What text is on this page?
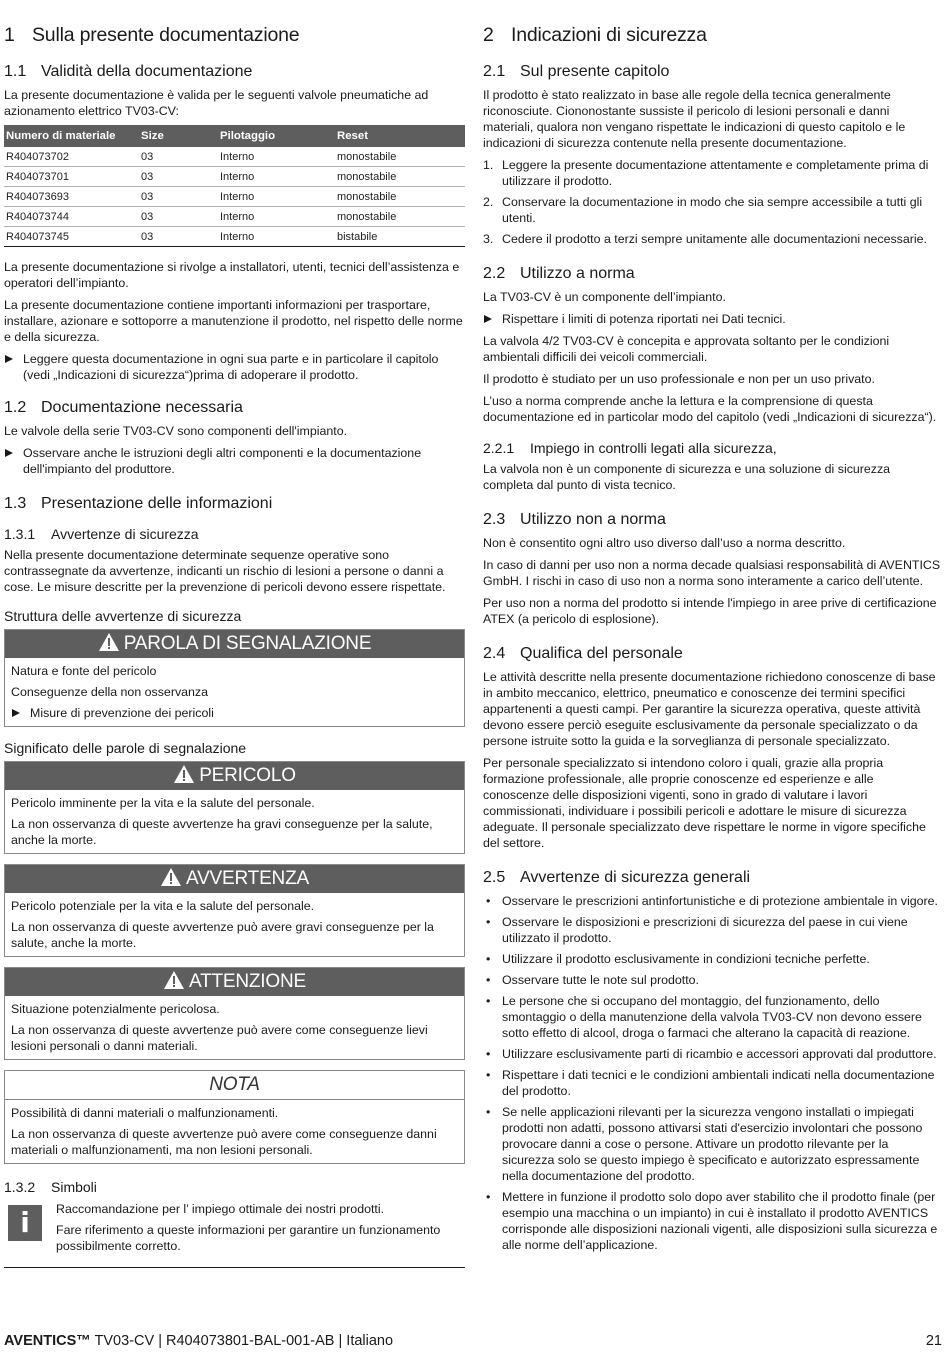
1 Sulla presente documentazione
1.1 Validità della documentazione

La presente documentazione è valida per le seguenti valvole pneumatiche ad azionamento elettrico TV03-CV:

Numero di materiale	Size	Pilotaggio	Reset
R404073702	03	Interno	monostabile
R404073701	03	Interno	monostabile
R404073693	03	Interno	monostabile
R404073744	03	Interno	monostabile
R404073745	03	Interno	bistabile

La presente documentazione si rivolge a installatori, utenti, tecnici dell’assistenza e operatori dell’impianto.

La presente documentazione contiene importanti informazioni per trasportare, installare, azionare e sottoporre a manutenzione il prodotto, nel rispetto delle norme e della sicurezza.

Leggere questa documentazione in ogni sua parte e in particolare il capitolo (vedi „Indicazioni di sicurezza“)prima di adoperare il prodotto.
1.2 Documentazione necessaria

Le valvole della serie TV03-CV sono componenti dell'impianto.

Osservare anche le istruzioni degli altri componenti e la documentazione dell'impianto del produttore.
1.3 Presentazione delle informazioni
1.3.1 Avvertenze di sicurezza

Nella presente documentazione determinate sequenze operative sono contrassegnate da avvertenze, indicanti un rischio di lesioni a persone o danni a cose. Le misure descritte per la prevenzione di pericoli devono essere rispettate.

Struttura delle avvertenze di sicurezza
PAROLA DI SEGNALAZIONE

Natura e fonte del pericolo

Conseguenze della non osservanza

Misure di prevenzione dei pericoli
Significato delle parole di segnalazione
PERICOLO

Pericolo imminente per la vita e la salute del personale.

La non osservanza di queste avvertenze ha gravi conseguenze per la salute, anche la morte.

AVVERTENZA

Pericolo potenziale per la vita e la salute del personale.

La non osservanza di queste avvertenze può avere gravi conseguenze per la salute, anche la morte.

ATTENZIONE

Situazione potenzialmente pericolosa.

La non osservanza di queste avvertenze può avere come conseguenze lievi lesioni personali o danni materiali.

NOTA

Possibilità di danni materiali o malfunzionamenti.

La non osservanza di queste avvertenze può avere come conseguenze danni materiali o malfunzionamenti, ma non lesioni personali.

1.3.2 Simboli
i	Raccomandazione per l’ impiego ottimale dei nostri prodotti.

Fare riferimento a queste informazioni per garantire un funzionamento possibilmente corretto.

2 Indicazioni di sicurezza
2.1 Sul presente capitolo

Il prodotto è stato realizzato in base alle regole della tecnica generalmente riconosciute. Ciononostante sussiste il pericolo di lesioni personali e danni materiali, qualora non vengano rispettate le indicazioni di questo capitolo e le indicazioni di sicurezza contenute nella presente documentazione.

1. Leggere la presente documentazione attentamente e completamente prima di utilizzare il prodotto.
2. Conservare la documentazione in modo che sia sempre accessibile a tutti gli utenti.
3. Cedere il prodotto a terzi sempre unitamente alle documentazioni necessarie.
2.2 Utilizzo a norma

La TV03-CV è un componente dell’impianto.

Rispettare i limiti di potenza riportati nei Dati tecnici.

La valvola 4/2 TV03-CV è concepita e approvata soltanto per le condizioni ambientali difficili dei veicoli commerciali.

Il prodotto è studiato per un uso professionale e non per un uso privato.

L’uso a norma comprende anche la lettura e la comprensione di questa documentazione ed in particolar modo del capitolo (vedi „Indicazioni di sicurezza“).

2.2.1 Impiego in controlli legati alla sicurezza,

La valvola non è un componente di sicurezza e una soluzione di sicurezza completa dal punto di vista tecnico.

2.3 Utilizzo non a norma

Non è consentito ogni altro uso diverso dall’uso a norma descritto.

In caso di danni per uso non a norma decade qualsiasi responsabilità di AVENTICS GmbH. I rischi in caso di uso non a norma sono interamente a carico dell’utente.

Per uso non a norma del prodotto si intende l'impiego in aree prive di certificazione ATEX (a pericolo di esplosione).

2.4 Qualifica del personale

Le attività descritte nella presente documentazione richiedono conoscenze di base in ambito meccanico, elettrico, pneumatico e conoscenze dei termini specifici appartenenti a questi campi. Per garantire la sicurezza operativa, queste attività devono essere perciò eseguite esclusivamente da personale specializzato o da persone istruite sotto la guida e la sorveglianza di personale specializzato.

Per personale specializzato si intendono coloro i quali, grazie alla propria formazione professionale, alle proprie conoscenze ed esperienze e alle conoscenze delle disposizioni vigenti, sono in grado di valutare i lavori commissionati, individuare i possibili pericoli e adottare le misure di sicurezza adeguate. Il personale specializzato deve rispettare le norme in vigore specifiche del settore.

2.5 Avvertenze di sicurezza generali
• Osservare le prescrizioni antinfortunistiche e di protezione ambientale in vigore.
• Osservare le disposizioni e prescrizioni di sicurezza del paese in cui viene utilizzato il prodotto.
• Utilizzare il prodotto esclusivamente in condizioni tecniche perfette.
• Osservare tutte le note sul prodotto.
• Le persone che si occupano del montaggio, del funzionamento, dello smontaggio o della manutenzione della valvola TV03-CV non devono essere sotto effetto di alcool, droga o farmaci che alterano la capacità di reazione.
• Utilizzare esclusivamente parti di ricambio e accessori approvati dal produttore.
• Rispettare i dati tecnici e le condizioni ambientali indicati nella documentazione del prodotto.
• Se nelle applicazioni rilevanti per la sicurezza vengono installati o impiegati prodotti non adatti, possono attivarsi stati d'esercizio involontari che possono provocare danni a cose o persone. Attivare un prodotto rilevante per la sicurezza solo se questo impiego è specificato e autorizzato espressamente nella documentazione del prodotto.
• Mettere in funzione il prodotto solo dopo aver stabilito che il prodotto finale (per esempio una macchina o un impianto) in cui è installato il prodotto AVENTICS corrisponde alle disposizioni nazionali vigenti, alle disposizioni sulla sicurezza e alle norme dell’applicazione.
AVENTICS™ TV03-CV | R404073801-BAL-001-AB | Italiano	21
